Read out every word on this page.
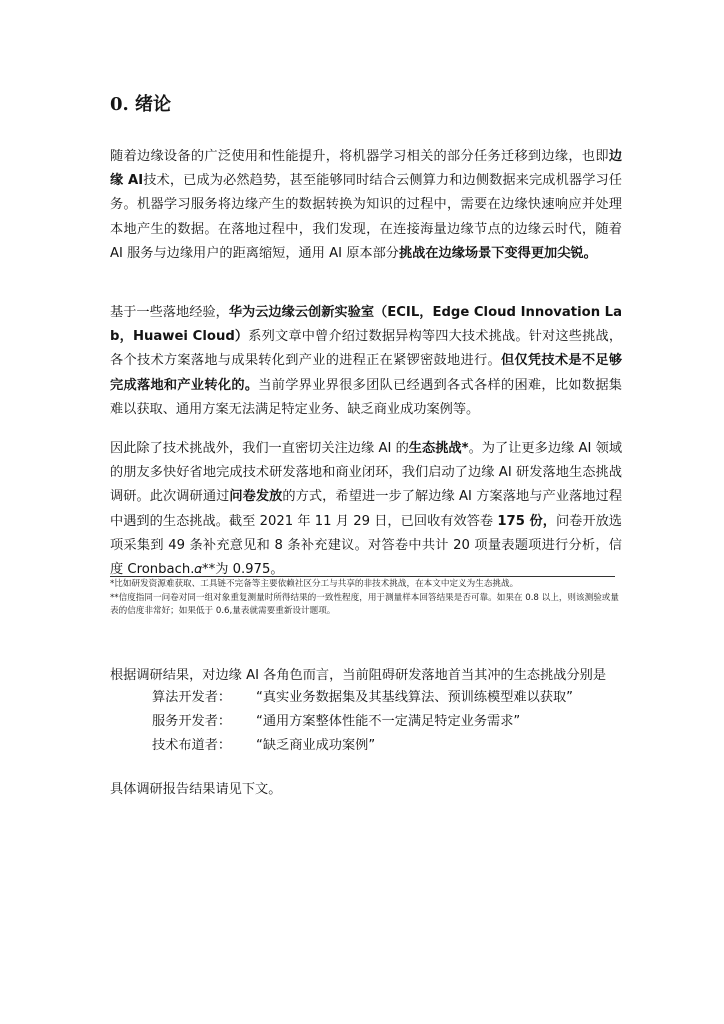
0. 绪论
随着边缘设备的广泛使用和性能提升，将机器学习相关的部分任务迁移到边缘，也即边缘 AI技术，已成为必然趋势，甚至能够同时结合云侧算力和边侧数据来完成机器学习任务。机器学习服务将边缘产生的数据转换为知识的过程中，需要在边缘快速响应并处理本地产生的数据。在落地过程中，我们发现，在连接海量边缘节点的边缘云时代，随着 AI 服务与边缘用户的距离缩短，通用 AI 原本部分挑战在边缘场景下变得更加尖锐。
基于一些落地经验，华为云边缘云创新实验室（ECIL，Edge Cloud Innovation Lab，Huawei Cloud）系列文章中曾介绍过数据异构等四大技术挑战。针对这些挑战，各个技术方案落地与成果转化到产业的进程正在紧锣密鼓地进行。但仅凭技术是不足够完成落地和产业转化的。当前学界业界很多团队已经遇到各式各样的困难，比如数据集难以获取、通用方案无法满足特定业务、缺乏商业成功案例等。
因此除了技术挑战外，我们一直密切关注边缘 AI 的生态挑战*。为了让更多边缘 AI 领域的朋友多快好省地完成技术研发落地和商业闭环，我们启动了边缘 AI 研发落地生态挑战调研。此次调研通过问卷发放的方式，希望进一步了解边缘 AI 方案落地与产业落地过程中遇到的生态挑战。截至 2021 年 11 月 29 日，已回收有效答卷 175 份，问卷开放选项采集到 49 条补充意见和 8 条补充建议。对答卷中共计 20 项量表题项进行分析，信度 Cronbach.𝛼**为 0.975。
*比如研发资源难获取、工具链不完备等主要依赖社区分工与共享的非技术挑战，在本文中定义为生态挑战。
**信度指同一问卷对同一组对象重复测量时所得结果的一致性程度，用于测量样本回答结果是否可靠。如果在 0.8 以上，则该测验或量表的信度非常好；如果低于 0.6,量表就需要重新设计题项。
根据调研结果，对边缘 AI 各角色而言，当前阻碍研发落地首当其冲的生态挑战分别是
算法开发者：	“真实业务数据集及其基线算法、预训练模型难以获取”
服务开发者：	“通用方案整体性能不一定满足特定业务需求”
技术布道者：	“缺乏商业成功案例”
具体调研报告结果请见下文。
